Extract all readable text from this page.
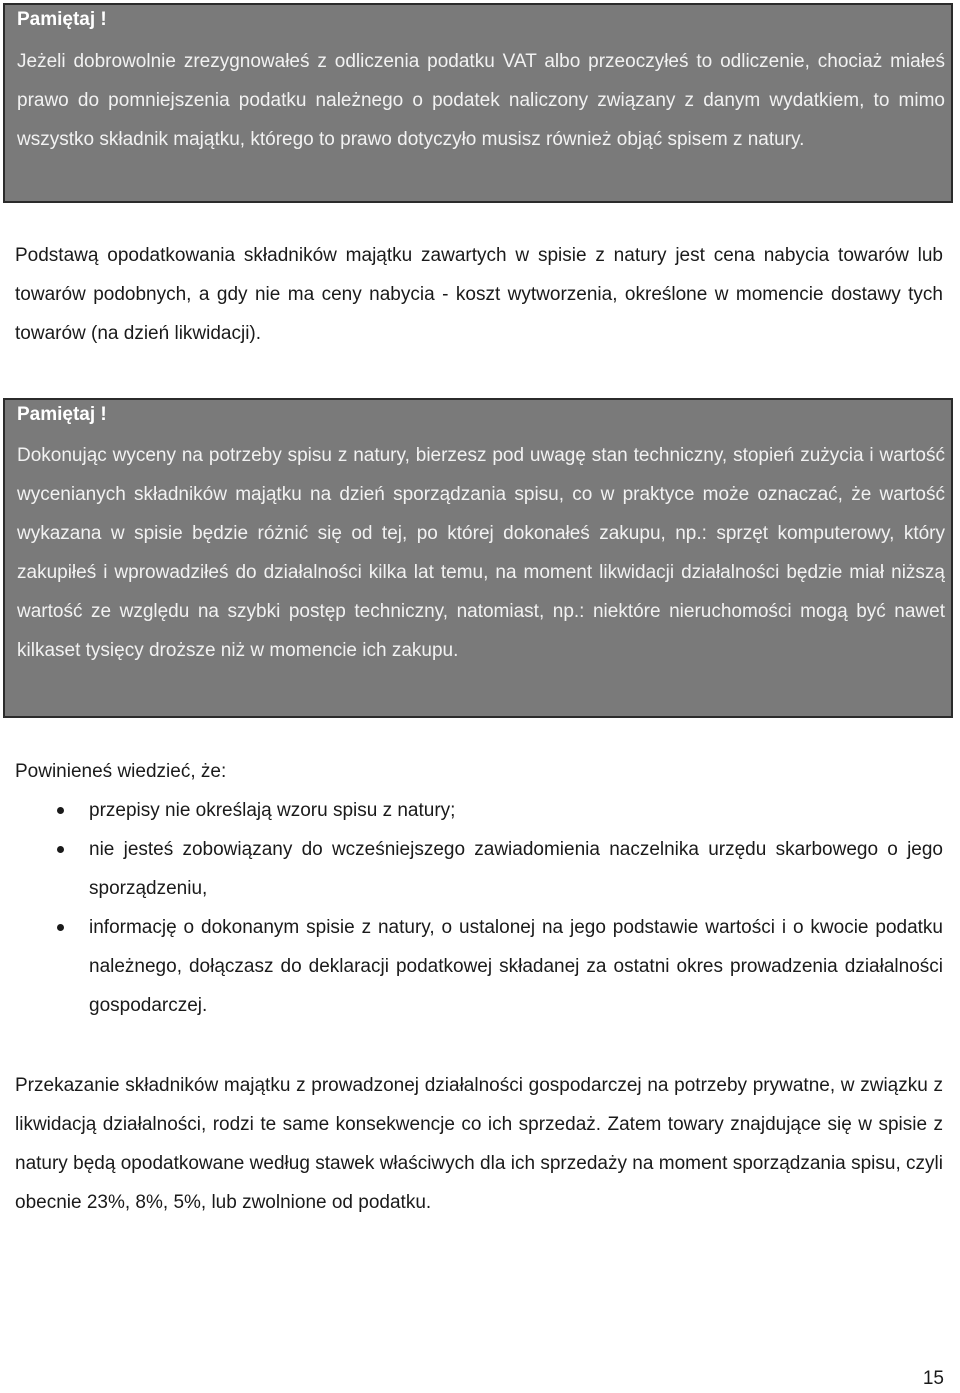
Pamiętaj !
Jeżeli dobrowolnie zrezygnowałeś z odliczenia podatku VAT albo przeoczyłeś to odliczenie, chociaż miałeś prawo do pomniejszenia podatku należnego o podatek naliczony związany z danym wydatkiem, to mimo wszystko składnik majątku, którego to prawo dotyczyło musisz również objąć spisem z natury.
Podstawą opodatkowania składników majątku zawartych w spisie z natury jest cena nabycia towarów lub towarów podobnych, a gdy nie ma ceny nabycia - koszt wytworzenia, określone w momencie dostawy tych towarów (na dzień likwidacji).
Pamiętaj !
Dokonując wyceny na potrzeby spisu z natury, bierzesz pod uwagę stan techniczny, stopień zużycia i wartość wycenianych składników majątku na dzień sporządzania spisu, co w praktyce może oznaczać, że wartość wykazana w spisie będzie różnić się od tej, po której dokonałeś zakupu, np.: sprzęt komputerowy, który zakupiłeś i wprowadziłeś do działalności kilka lat temu, na moment likwidacji działalności będzie miał niższą wartość ze względu na szybki postęp techniczny, natomiast, np.: niektóre nieruchomości mogą być nawet kilkaset tysięcy droższe niż w momencie ich zakupu.
Powinieneś wiedzieć, że:
przepisy nie określają wzoru spisu z natury;
nie jesteś zobowiązany do wcześniejszego zawiadomienia naczelnika urzędu skarbowego o jego sporządzeniu,
informację o dokonanym spisie z natury, o ustalonej na jego podstawie wartości i o kwocie podatku należnego, dołączasz do deklaracji podatkowej składanej za ostatni okres prowadzenia działalności gospodarczej.
Przekazanie składników majątku z prowadzonej działalności gospodarczej na potrzeby prywatne, w związku z likwidacją działalności, rodzi te same konsekwencje co ich sprzedaż. Zatem towary znajdujące się w spisie z natury będą opodatkowane według stawek właściwych dla ich sprzedaży na moment sporządzania spisu, czyli obecnie 23%, 8%, 5%, lub zwolnione od podatku.
15
